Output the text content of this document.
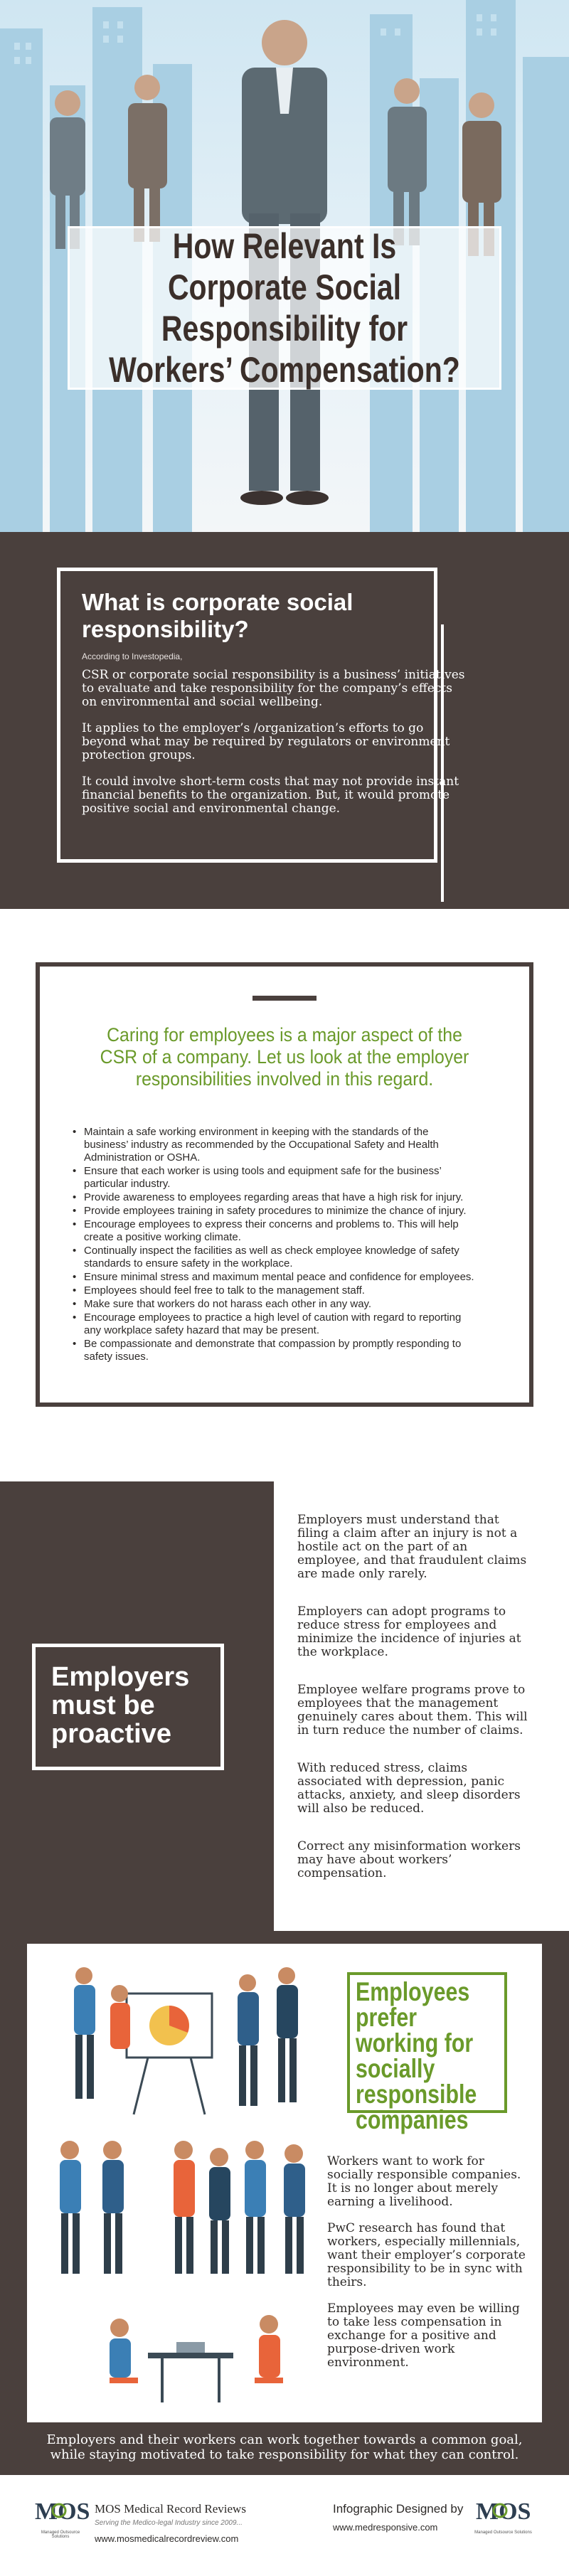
How Relevant Is Corporate Social Responsibility for Workers’ Compensation?
What is corporate social responsibility?
According to Investopedia,

CSR or corporate social responsibility is a business’ initiatives to evaluate and take responsibility for the company’s effects on environmental and social wellbeing.

It applies to the employer’s /organization’s efforts to go beyond what may be required by regulators or environment protection groups.

It could involve short-term costs that may not provide instant financial benefits to the organization. But, it would promote positive social and environmental change.

Caring for employees is a major aspect of the CSR of a company. Let us look at the employer responsibilities involved in this regard.

• Maintain a safe working environment in keeping with the standards of the business’ industry as recommended by the Occupational Safety and Health Administration or OSHA.
• Ensure that each worker is using tools and equipment safe for the business’ particular industry.
• Provide awareness to employees regarding areas that have a high risk for injury.
• Provide employees training in safety procedures to minimize the chance of injury.
• Encourage employees to express their concerns and problems to. This will help create a positive working climate.
• Continually inspect the facilities as well as check employee knowledge of safety standards to ensure safety in the workplace.
• Ensure minimal stress and maximum mental peace and confidence for employees.
• Employees should feel free to talk to the management staff.
• Make sure that workers do not harass each other in any way.
• Encourage employees to practice a high level of caution with regard to reporting any workplace safety hazard that may be present.
• Be compassionate and demonstrate that compassion by promptly responding to safety issues.
Employers must be proactive

Employers must understand that filing a claim after an injury is not a hostile act on the part of an employee, and that fraudulent claims are made only rarely.

Employers can adopt programs to reduce stress for employees and minimize the incidence of injuries at the workplace.

Employee welfare programs prove to employees that the management genuinely cares about them. This will in turn reduce the number of claims.

With reduced stress, claims associated with depression, panic attacks, anxiety, and sleep disorders will also be reduced.

Correct any misinformation workers may have about workers’ compensation.

Employees prefer working for socially responsible companies

Workers want to work for socially responsible companies. It is no longer about merely earning a livelihood.

PwC research has found that workers, especially millennials, want their employer’s corporate responsibility to be in sync with theirs.

Employees may even be willing to take less compensation in exchange for a positive and purpose-driven work environment.

Employers and their workers can work together towards a common goal, while staying motivated to take responsibility for what they can control.

MOS
Managed Outsource Solutions
MOS Medical Record Reviews
Serving the Medico-legal Industry since 2009...
www.mosmedicalrecordreview.com
Infographic Designed by
www.medresponsive.com
MOS
Managed Outsource Solutions
